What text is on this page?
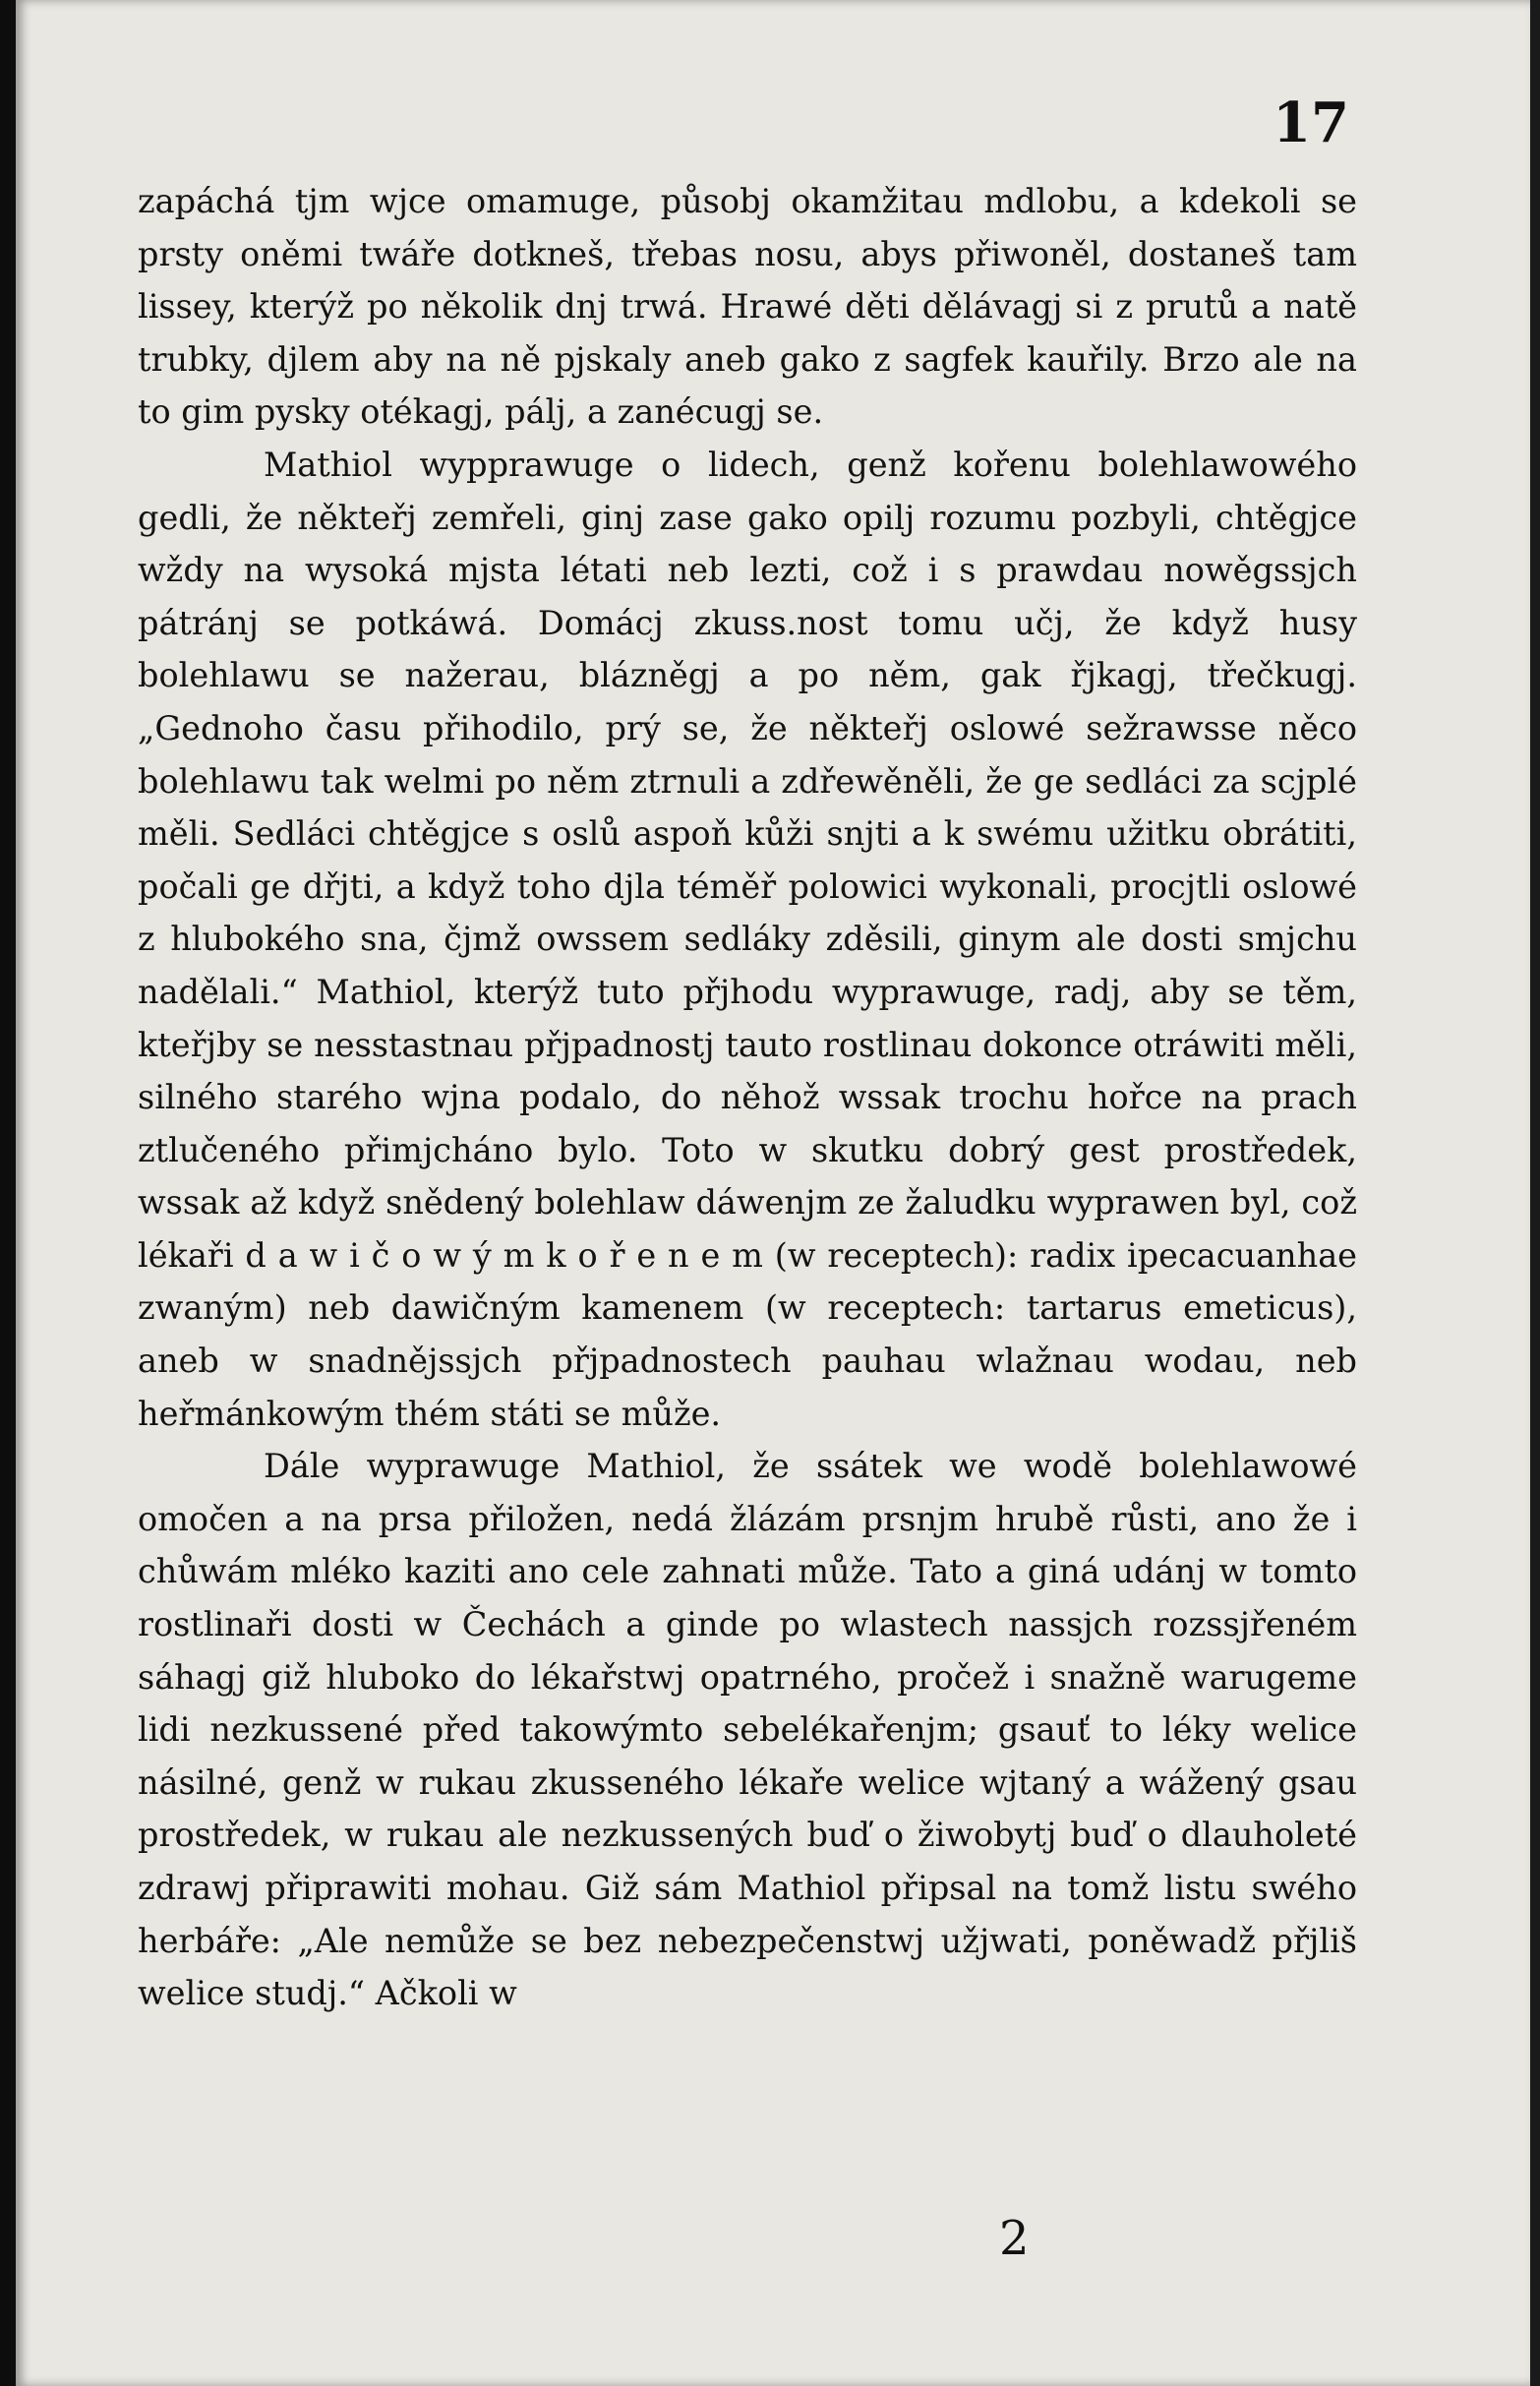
17

zapáchá tjm wjce omamuge, působj okamžitau mdlobu, a kdekoli se prsty oněmi twáře dotkneš, třebas nosu, abys přiwoněl, dostaneš tam lissey, kterýž po několik dnj trwá. Hrawé děti dělávagj si z prutů a natě trubky, djlem aby na ně pjskaly aneb gako z sagfek kauřily. Brzo ale na to gim pysky otékagj, pálj, a zanécugj se.

Mathiol wypprawuge o lidech, genž kořenu bolehlawowého gedli, že někteřj zemřeli, ginj zase gako opilj rozumu pozbyli, chtěgjce wždy na wysoká mjsta létati neb lezti, což i s prawdau nowěgssjch pátránj se potkáwá. Domácj zkuss.nost tomu učj, že když husy bolehlawu se nažerau, blázněgj a po něm, gak řjkagj, třečkugj. „Gednoho času přihodilo, prý se, že někteřj oslowé sežrawsse něco bolehlawu tak welmi po něm ztrnuli a zdřewěněli, že ge sedláci za scjplé měli. Sedláci chtěgjce s oslů aspoň kůži snjti a k swému užitku obrátiti, počali ge dřjti, a když toho djla téměř polowici wykonali, procjtli oslowé z hlubokého sna, čjmž owssem sedláky zděsili, ginym ale dosti smjchu nadělali.“ Mathiol, kterýž tuto přjhodu wyprawuge, radj, aby se těm, kteřjby se nesstastnau přjpadnostj tauto rostlinau dokonce otráwiti měli, silného starého wjna podalo, do něhož wssak trochu hořce na prach ztlučeného přimjcháno bylo. Toto w skutku dobrý gest prostředek, wssak až když snědený bolehlaw dáwenjm ze žaludku wyprawen byl, což lékaři d a w i č o w ý m k o ř e n e m (w receptech): radix ipecacuanhae zwaným) neb dawičným kamenem (w receptech: tartarus emeticus), aneb w snadnějssjch přjpadnostech pauhau wlažnau wodau, neb heřmánkowým thém státi se může.

Dále wyprawuge Mathiol, že ssátek we wodě bolehlawowé omočen a na prsa přiložen, nedá žlázám prsnjm hrubě růsti, ano že i chůwám mléko kaziti ano cele zahnati může. Tato a giná udánj w tomto rostlinaři dosti w Čechách a ginde po wlastech nassjch rozssjřeném sáhagj giž hluboko do lékařstwj opatrného, pročež i snažně warugeme lidi nezkussené před takowýmto sebelékařenjm; gsauť to léky welice násilné, genž w rukau zkusseného lékaře welice wjtaný a wážený gsau prostředek, w rukau ale nezkussených buď o žiwobytj buď o dlauholeté zdrawj připrawiti mohau. Giž sám Mathiol připsal na tomž listu swého herbáře: „Ale nemůže se bez nebezpečenstwj užjwati, poněwadž přjliš welice studj.“ Ačkoli w

2
